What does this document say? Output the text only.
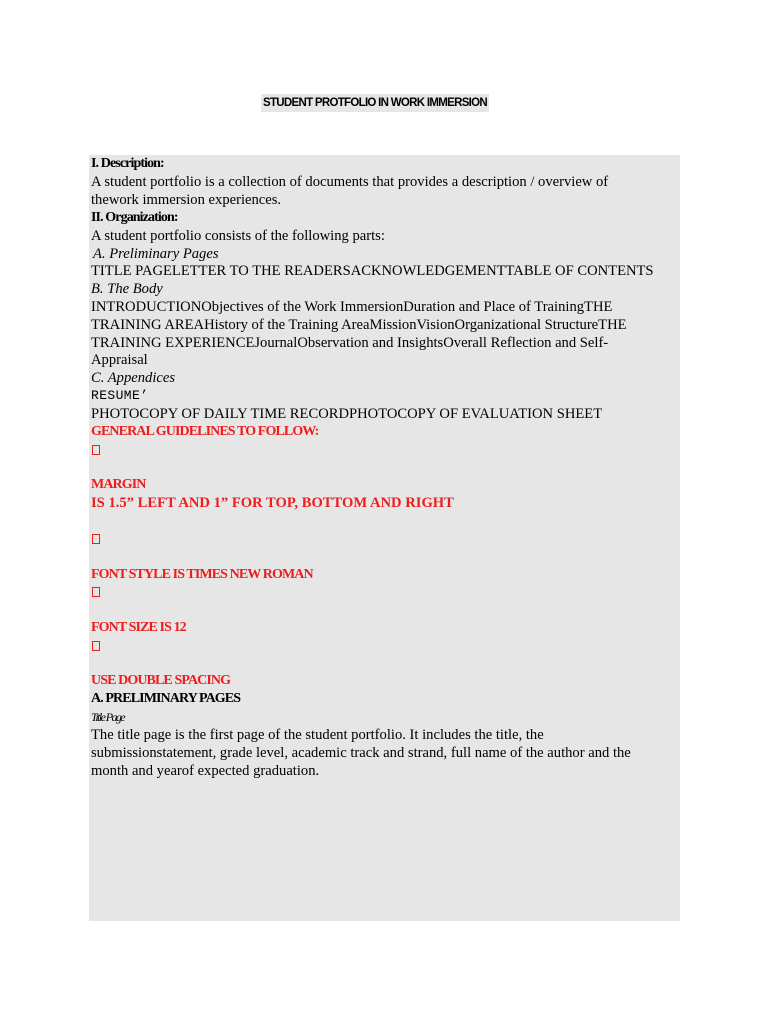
STUDENT PROTFOLIO IN WORK IMMERSION
I. Description:
A student portfolio is a collection of documents that provides a description / overview of
thework immersion experiences.
II. Organization:
A student portfolio consists of the following parts:
A. Preliminary Pages
TITLE PAGELETTER TO THE READERSACKNOWLEDGEMENTTABLE OF CONTENTS
B. The Body
INTRODUCTIONObjectives of the Work ImmersionDuration and Place of TrainingTHE
TRAINING AREAHistory of the Training AreaMissionVisionOrganizational StructureTHE
TRAINING EXPERIENCEJournalObservation and InsightsOverall Reflection and Self-
Appraisal
C. Appendices
RESUME’
PHOTOCOPY OF DAILY TIME RECORDPHOTOCOPY OF EVALUATION SHEET
GENERAL GUIDELINES TO FOLLOW:
MARGIN
IS 1.5” LEFT AND 1” FOR TOP, BOTTOM AND RIGHT
FONT STYLE IS TIMES NEW ROMAN
FONT SIZE IS 12
USE DOUBLE SPACING
A. PRELIMINARY PAGES
Title Page
The title page is the first page of the student portfolio. It includes the title, the
submissionstatement, grade level, academic track and strand, full name of the author and the
month and yearof expected graduation.
